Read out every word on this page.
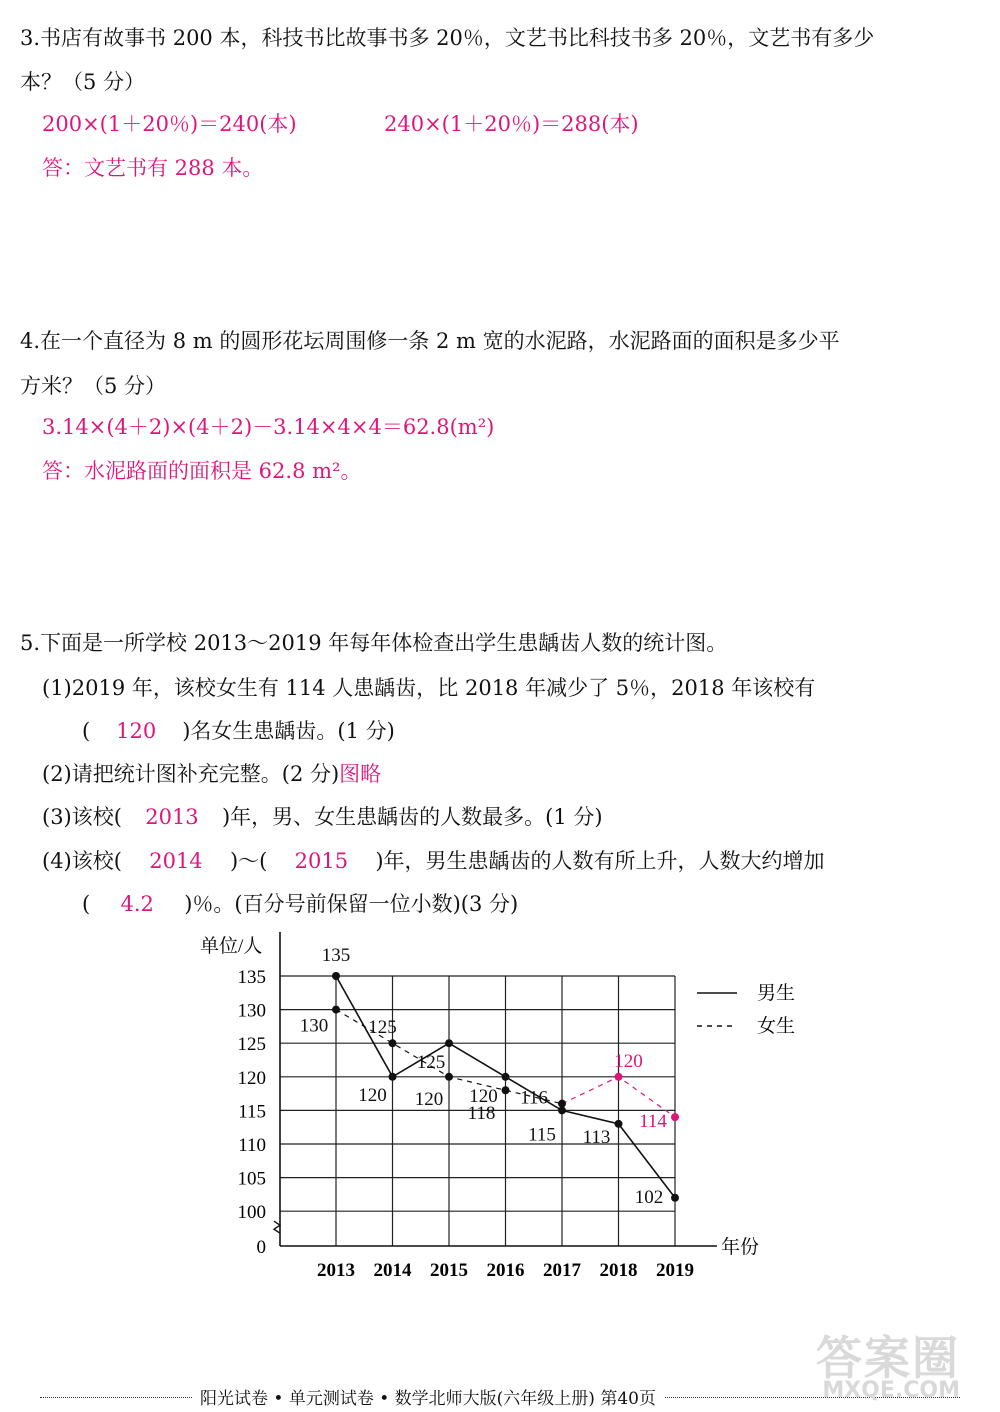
3.书店有故事书 200 本，科技书比故事书多 20％，文艺书比科技书多 20％，文艺书有多少
本？（5 分）
200×(1＋20％)＝240(本)	240×(1＋20％)＝288(本)
答：文艺书有 288 本。
4.在一个直径为 8 m 的圆形花坛周围修一条 2 m 宽的水泥路，水泥路面的面积是多少平
方米？（5 分）
3.14×(4＋2)×(4＋2)－3.14×4×4＝62.8(m²)
答：水泥路面的面积是 62.8 m²。
5.下面是一所学校 2013～2019 年每年体检查出学生患龋齿人数的统计图。
(1)2019 年，该校女生有 114 人患龋齿，比 2018 年减少了 5％，2018 年该校有
( 120 )名女生患龋齿。(1 分)
(2)请把统计图补充完整。(2 分)图略
(3)该校( 2013 )年，男、女生患龋齿的人数最多。(1 分)
(4)该校( 2014 )～( 2015 )年，男生患龋齿的人数有所上升，人数大约增加
( 4.2 )％。(百分号前保留一位小数)(3 分)
单位/人
年份
0
100
105
110
115
120
125
130
135
2013 2014 2015 2016 2017 2018 2019
135
120
125
120
115 113
102
130 125
120
118
116
120
114
男生
女生
阳光试卷 • 单元测试卷 • 数学北师大版(六年级上册) 第40页
答案圈
MXQE.COM
